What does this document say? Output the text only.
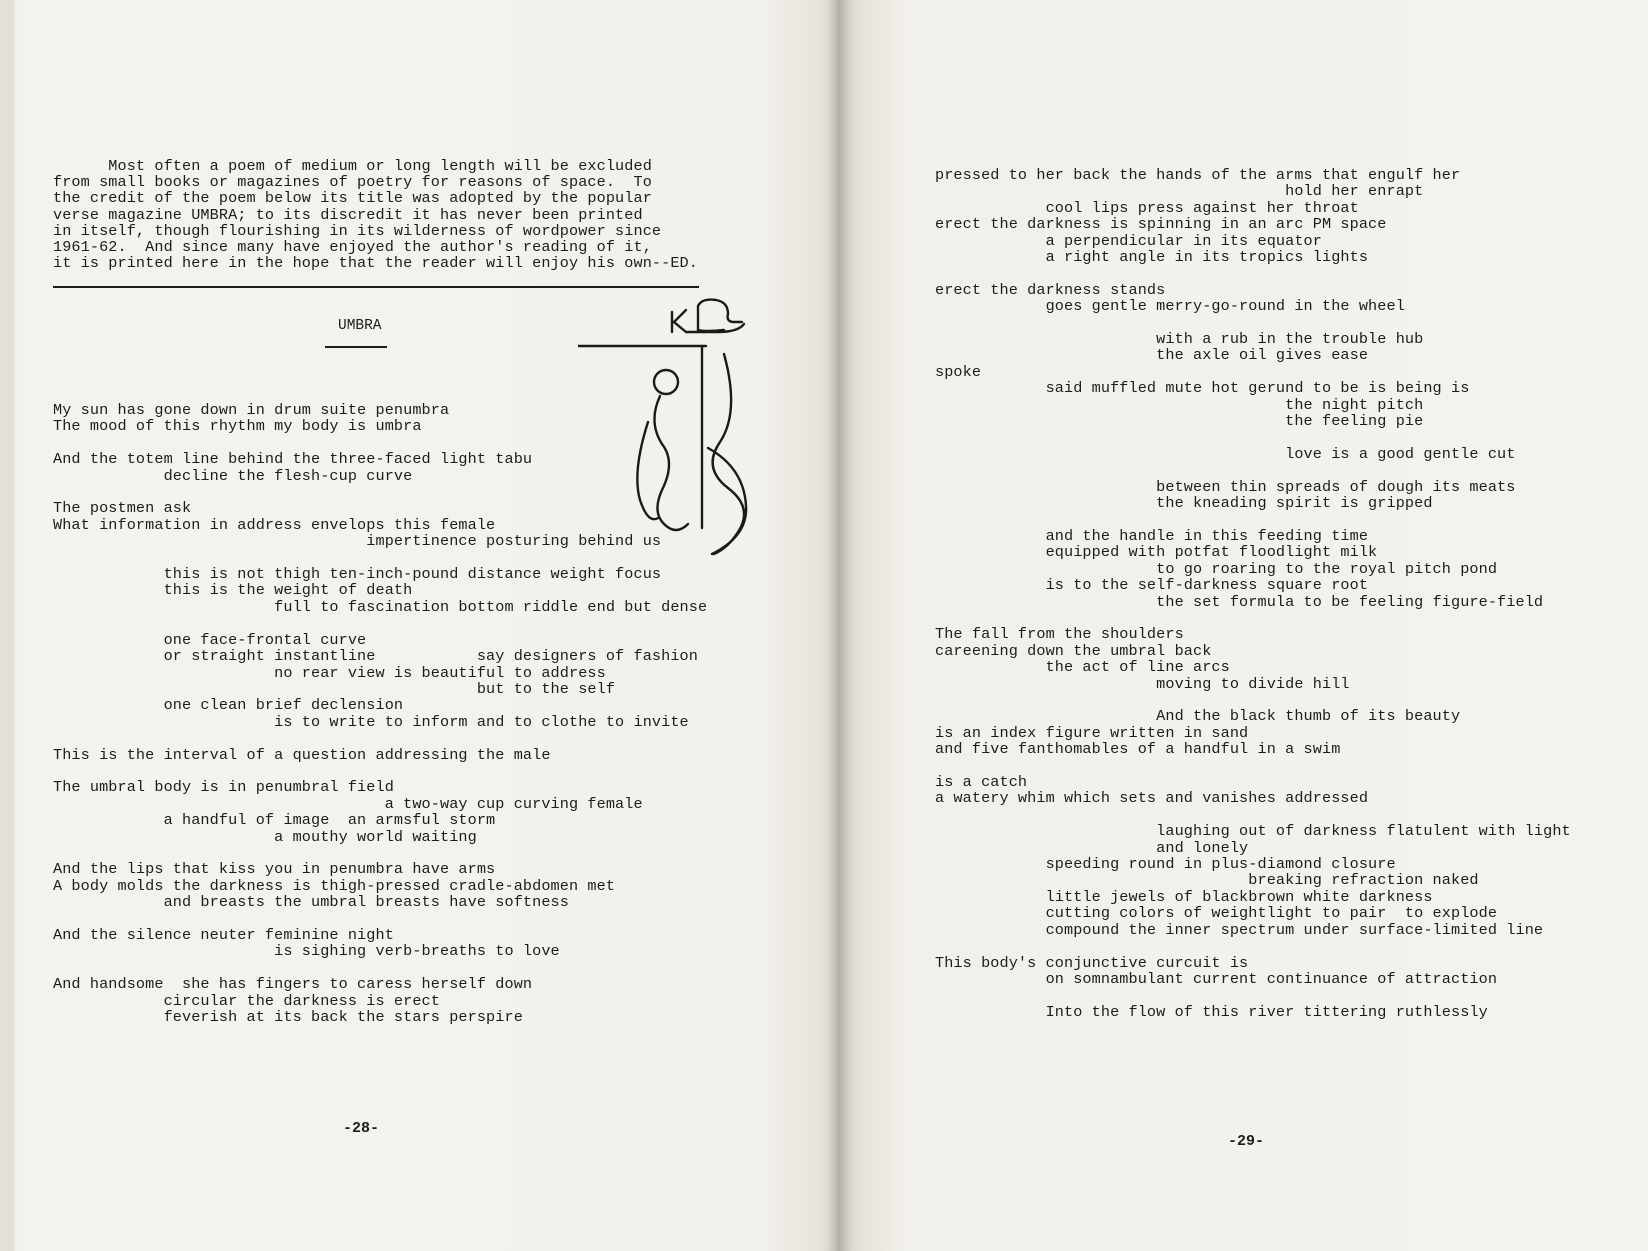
Most often a poem of medium or long length will be excluded
from small books or magazines of poetry for reasons of space.  To
the credit of the poem below its title was adopted by the popular
verse magazine UMBRA; to its discredit it has never been printed
in itself, though flourishing in its wilderness of wordpower since
1961-62.  And since many have enjoyed the author's reading of it,
it is printed here in the hope that the reader will enjoy his own--ED.
UMBRA
My sun has gone down in drum suite penumbra
The mood of this rhythm my body is umbra

And the totem line behind the three-faced light tabu
decline the flesh-cup curve

The postmen ask
What information in address envelops this female
impertinence posturing behind us

this is not thigh ten-inch-pound distance weight focus
this is the weight of death
full to fascination bottom riddle end but dense

one face-frontal curve
or straight instantline           say designers of fashion
no rear view is beautiful to address
but to the self
one clean brief declension
is to write to inform and to clothe to invite

This is the interval of a question addressing the male

The umbral body is in penumbral field
a two-way cup curving female
a handful of image  an armsful storm
a mouthy world waiting

And the lips that kiss you in penumbra have arms
A body molds the darkness is thigh-pressed cradle-abdomen met
and breasts the umbral breasts have softness

And the silence neuter feminine night
is sighing verb-breaths to love

And handsome  she has fingers to caress herself down
circular the darkness is erect
feverish at its back the stars perspire
-28-
pressed to her back the hands of the arms that engulf her
hold her enrapt
cool lips press against her throat
erect the darkness is spinning in an arc PM space
a perpendicular in its equator
a right angle in its tropics lights

erect the darkness stands
goes gentle merry-go-round in the wheel

with a rub in the trouble hub
the axle oil gives ease
spoke
said muffled mute hot gerund to be is being is
the night pitch
the feeling pie

love is a good gentle cut

between thin spreads of dough its meats
the kneading spirit is gripped

and the handle in this feeding time
equipped with potfat floodlight milk
to go roaring to the royal pitch pond
is to the self-darkness square root
the set formula to be feeling figure-field

The fall from the shoulders
careening down the umbral back
the act of line arcs
moving to divide hill

And the black thumb of its beauty
is an index figure written in sand
and five fanthomables of a handful in a swim

is a catch
a watery whim which sets and vanishes addressed

laughing out of darkness flatulent with light
and lonely
speeding round in plus-diamond closure
breaking refraction naked
little jewels of blackbrown white darkness
cutting colors of weightlight to pair  to explode
compound the inner spectrum under surface-limited line

This body's conjunctive curcuit is
on somnambulant current continuance of attraction

Into the flow of this river tittering ruthlessly
-29-
